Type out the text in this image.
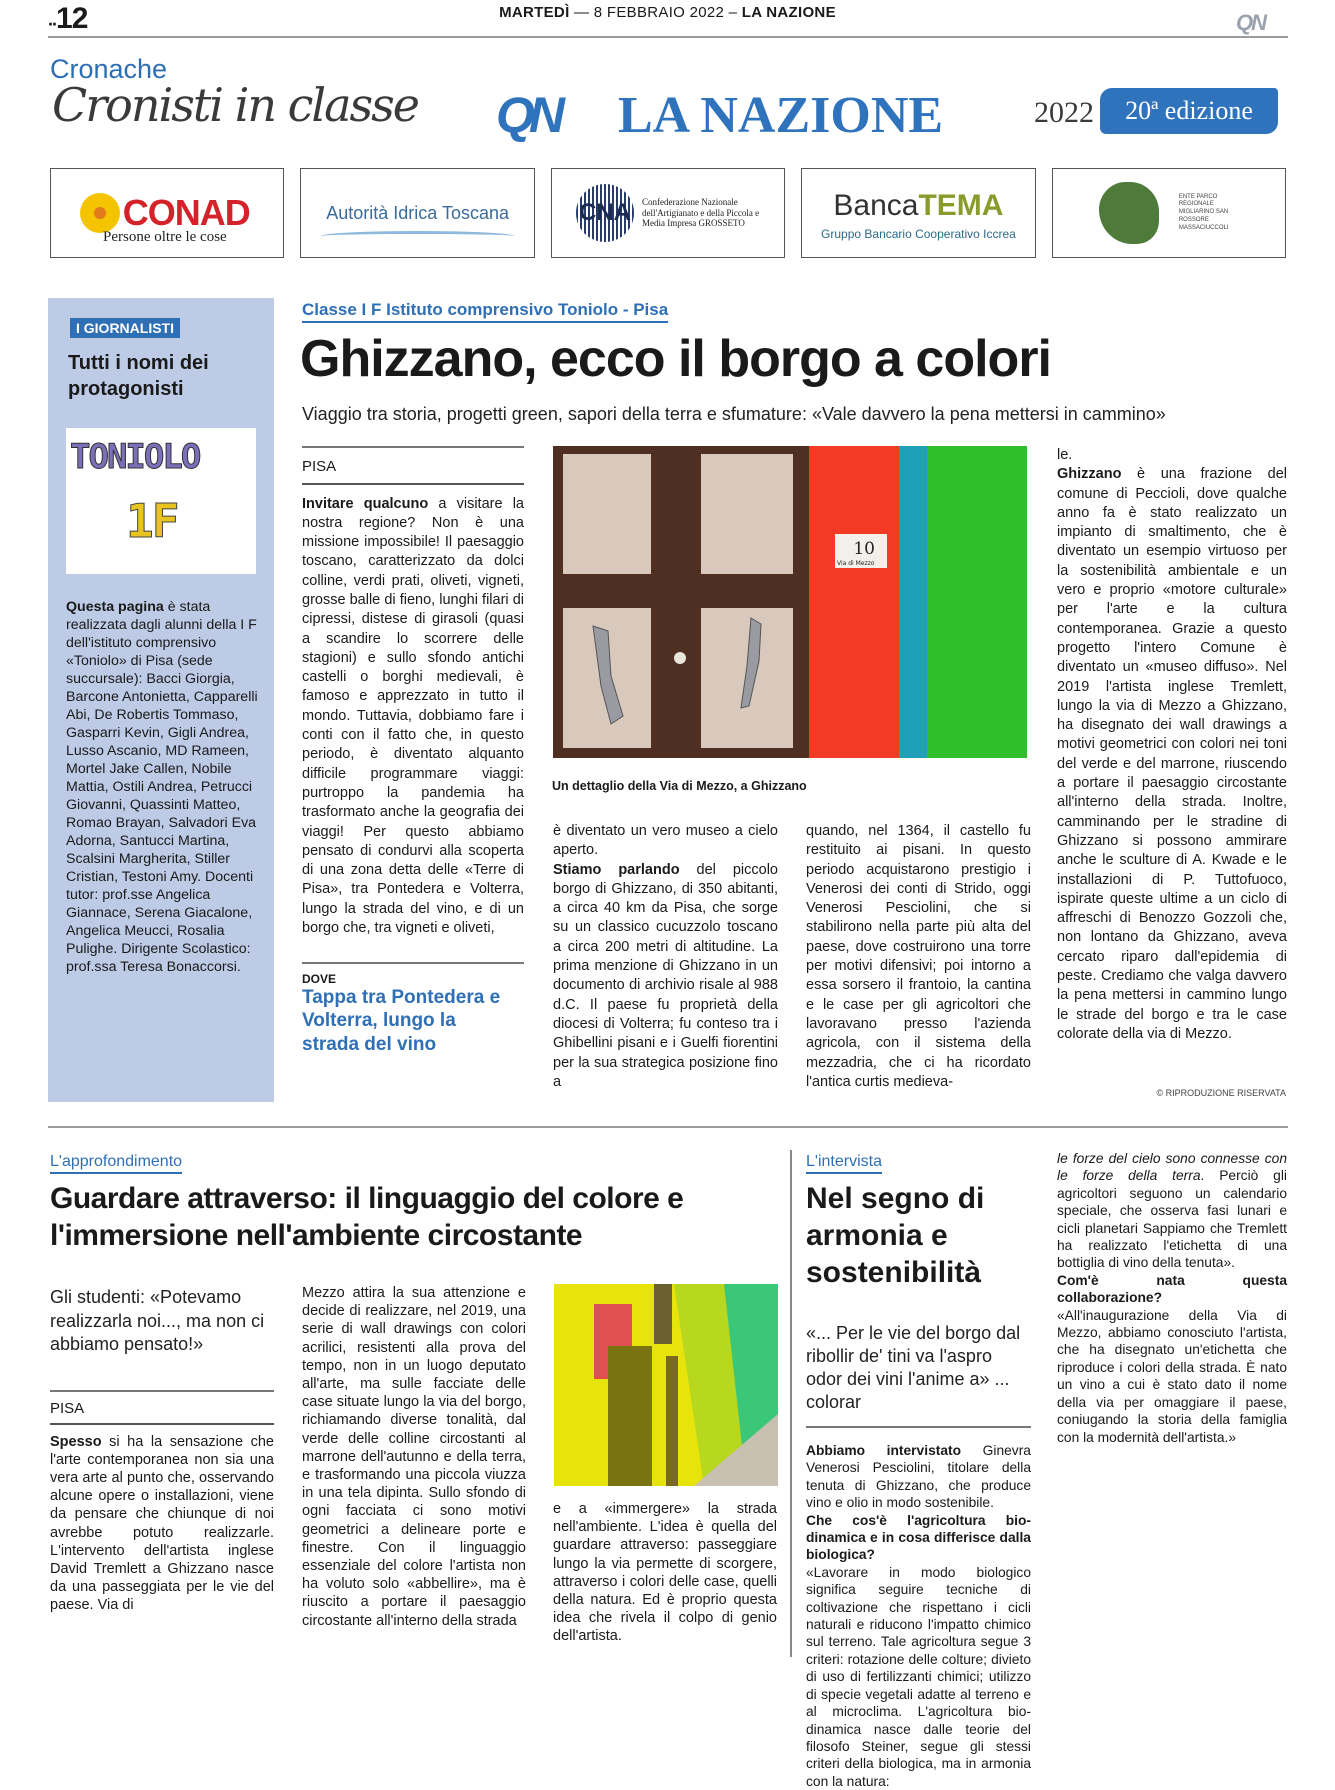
..12	MARTEDÌ — 8 FEBBRAIO 2022 – LA NAZIONE	QN
Cronache
Cronisti in classe	QN LA NAZIONE	2022	20ª edizione
CONAD
Persone oltre le cose
Autorità Idrica Toscana	CNA	Confederazione Nazionale dell'Artigianato e della Piccola e Media Impresa GROSSETO
BancaTEMA
Gruppo Bancario Cooperativo Iccrea
ENTE PARCO REGIONALE MIGLIARINO SAN ROSSORE MASSACIUCCOLI
I GIORNALISTI
Tutti i nomi dei protagonisti
TONIOLO
1F
Questa pagina è stata realizzata dagli alunni della I F dell'istituto comprensivo «Toniolo» di Pisa (sede succursale): Bacci Giorgia, Barcone Antonietta, Capparelli Abi, De Robertis Tommaso, Gasparri Kevin, Gigli Andrea, Lusso Ascanio, MD Rameen, Mortel Jake Callen, Nobile Mattia, Ostili Andrea, Petrucci Giovanni, Quassinti Matteo, Romao Brayan, Salvadori Eva Adorna, Santucci Martina, Scalsini Margherita, Stiller Cristian, Testoni Amy. Docenti tutor: prof.sse Angelica Giannace, Serena Giacalone, Angelica Meucci, Rosalia Pulighe. Dirigente Scolastico: prof.ssa Teresa Bonaccorsi.
Classe I F Istituto comprensivo Toniolo - Pisa
Ghizzano, ecco il borgo a colori
Viaggio tra storia, progetti green, sapori della terra e sfumature: «Vale davvero la pena mettersi in cammino»
PISA
Invitare qualcuno a visitare la nostra regione? Non è una missione impossibile! Il paesaggio toscano, caratterizzato da dolci colline, verdi prati, oliveti, vigneti, grosse balle di fieno, lunghi filari di cipressi, distese di girasoli (quasi a scandire lo scorrere delle stagioni) e sullo sfondo antichi castelli o borghi medievali, è famoso e apprezzato in tutto il mondo. Tuttavia, dobbiamo fare i conti con il fatto che, in questo periodo, è diventato alquanto difficile programmare viaggi: purtroppo la pandemia ha trasformato anche la geografia dei viaggi! Per questo abbiamo pensato di condurvi alla scoperta di una zona detta delle «Terre di Pisa», tra Pontedera e Volterra, lungo la strada del vino, e di un borgo che, tra vigneti e oliveti,
DOVE
Tappa tra Pontedera e Volterra, lungo la strada del vino
10
Via di Mezzo
Un dettaglio della Via di Mezzo, a Ghizzano
è diventato un vero museo a cielo aperto.
Stiamo parlando del piccolo borgo di Ghizzano, di 350 abitanti, a circa 40 km da Pisa, che sorge su un classico cucuzzolo toscano a circa 200 metri di altitudine. La prima menzione di Ghizzano in un documento di archivio risale al 988 d.C. Il paese fu proprietà della diocesi di Volterra; fu conteso tra i Ghibellini pisani e i Guelfi fiorentini per la sua strategica posizione fino a
quando, nel 1364, il castello fu restituito ai pisani. In questo periodo acquistarono prestigio i Venerosi dei conti di Strido, oggi Venerosi Pesciolini, che si stabilirono nella parte più alta del paese, dove costruirono una torre per motivi difensivi; poi intorno a essa sorsero il frantoio, la cantina e le case per gli agricoltori che lavoravano presso l'azienda agricola, con il sistema della mezzadria, che ci ha ricordato l'antica curtis medieva-
le.
Ghizzano è una frazione del comune di Peccioli, dove qualche anno fa è stato realizzato un impianto di smaltimento, che è diventato un esempio virtuoso per la sostenibilità ambientale e un vero e proprio «motore culturale» per l'arte e la cultura contemporanea. Grazie a questo progetto l'intero Comune è diventato un «museo diffuso». Nel 2019 l'artista inglese Tremlett, lungo la via di Mezzo a Ghizzano, ha disegnato dei wall drawings a motivi geometrici con colori nei toni del verde e del marrone, riuscendo a portare il paesaggio circostante all'interno della strada. Inoltre, camminando per le stradine di Ghizzano si possono ammirare anche le sculture di A. Kwade e le installazioni di P. Tuttofuoco, ispirate queste ultime a un ciclo di affreschi di Benozzo Gozzoli che, non lontano da Ghizzano, aveva cercato riparo dall'epidemia di peste. Crediamo che valga davvero la pena mettersi in cammino lungo le strade del borgo e tra le case colorate della via di Mezzo.
© RIPRODUZIONE RISERVATA
L'approfondimento
Guardare attraverso: il linguaggio del colore e l'immersione nell'ambiente circostante
Gli studenti: «Potevamo realizzarla noi..., ma non ci abbiamo pensato!»
PISA
Spesso si ha la sensazione che l'arte contemporanea non sia una vera arte al punto che, osservando alcune opere o installazioni, viene da pensare che chiunque di noi avrebbe potuto realizzarle. L'intervento dell'artista inglese David Tremlett a Ghizzano nasce da una passeggiata per le vie del paese. Via di
Mezzo attira la sua attenzione e decide di realizzare, nel 2019, una serie di wall drawings con colori acrilici, resistenti alla prova del tempo, non in un luogo deputato all'arte, ma sulle facciate delle case situate lungo la via del borgo, richiamando diverse tonalità, dal verde delle colline circostanti al marrone dell'autunno e della terra, e trasformando una piccola viuzza in una tela dipinta. Sullo sfondo di ogni facciata ci sono motivi geometrici a delineare porte e finestre. Con il linguaggio essenziale del colore l'artista non ha voluto solo «abbellire», ma è riuscito a portare il paesaggio circostante all'interno della strada
e a «immergere» la strada nell'ambiente. L'idea è quella del guardare attraverso: passeggiare lungo la via permette di scorgere, attraverso i colori delle case, quelli della natura. Ed è proprio questa idea che rivela il colpo di genio dell'artista.
L'intervista
Nel segno di armonia e sostenibilità
«... Per le vie del borgo dal ribollir de' tini va l'aspro odor dei vini l'anime a» ... colorar
Abbiamo intervistato Ginevra Venerosi Pesciolini, titolare della tenuta di Ghizzano, che produce vino e olio in modo sostenibile.
Che cos'è l'agricoltura bio-dinamica e in cosa differisce dalla biologica?
«Lavorare in modo biologico significa seguire tecniche di coltivazione che rispettano i cicli naturali e riducono l'impatto chimico sul terreno. Tale agricoltura segue 3 criteri: rotazione delle colture; divieto di uso di fertilizzanti chimici; utilizzo di specie vegetali adatte al terreno e al microclima. L'agricoltura bio-dinamica nasce dalle teorie del filosofo Steiner, segue gli stessi criteri della biologica, ma in armonia con la natura:
le forze del cielo sono connesse con le forze della terra. Perciò gli agricoltori seguono un calendario speciale, che osserva fasi lunari e cicli planetari Sappiamo che Tremlett ha realizzato l'etichetta di una bottiglia di vino della tenuta».
Com'è nata questa collaborazione?
«All'inaugurazione della Via di Mezzo, abbiamo conosciuto l'artista, che ha disegnato un'etichetta che riproduce i colori della strada. È nato un vino a cui è stato dato il nome della via per omaggiare il paese, coniugando la storia della famiglia con la modernità dell'artista.»
